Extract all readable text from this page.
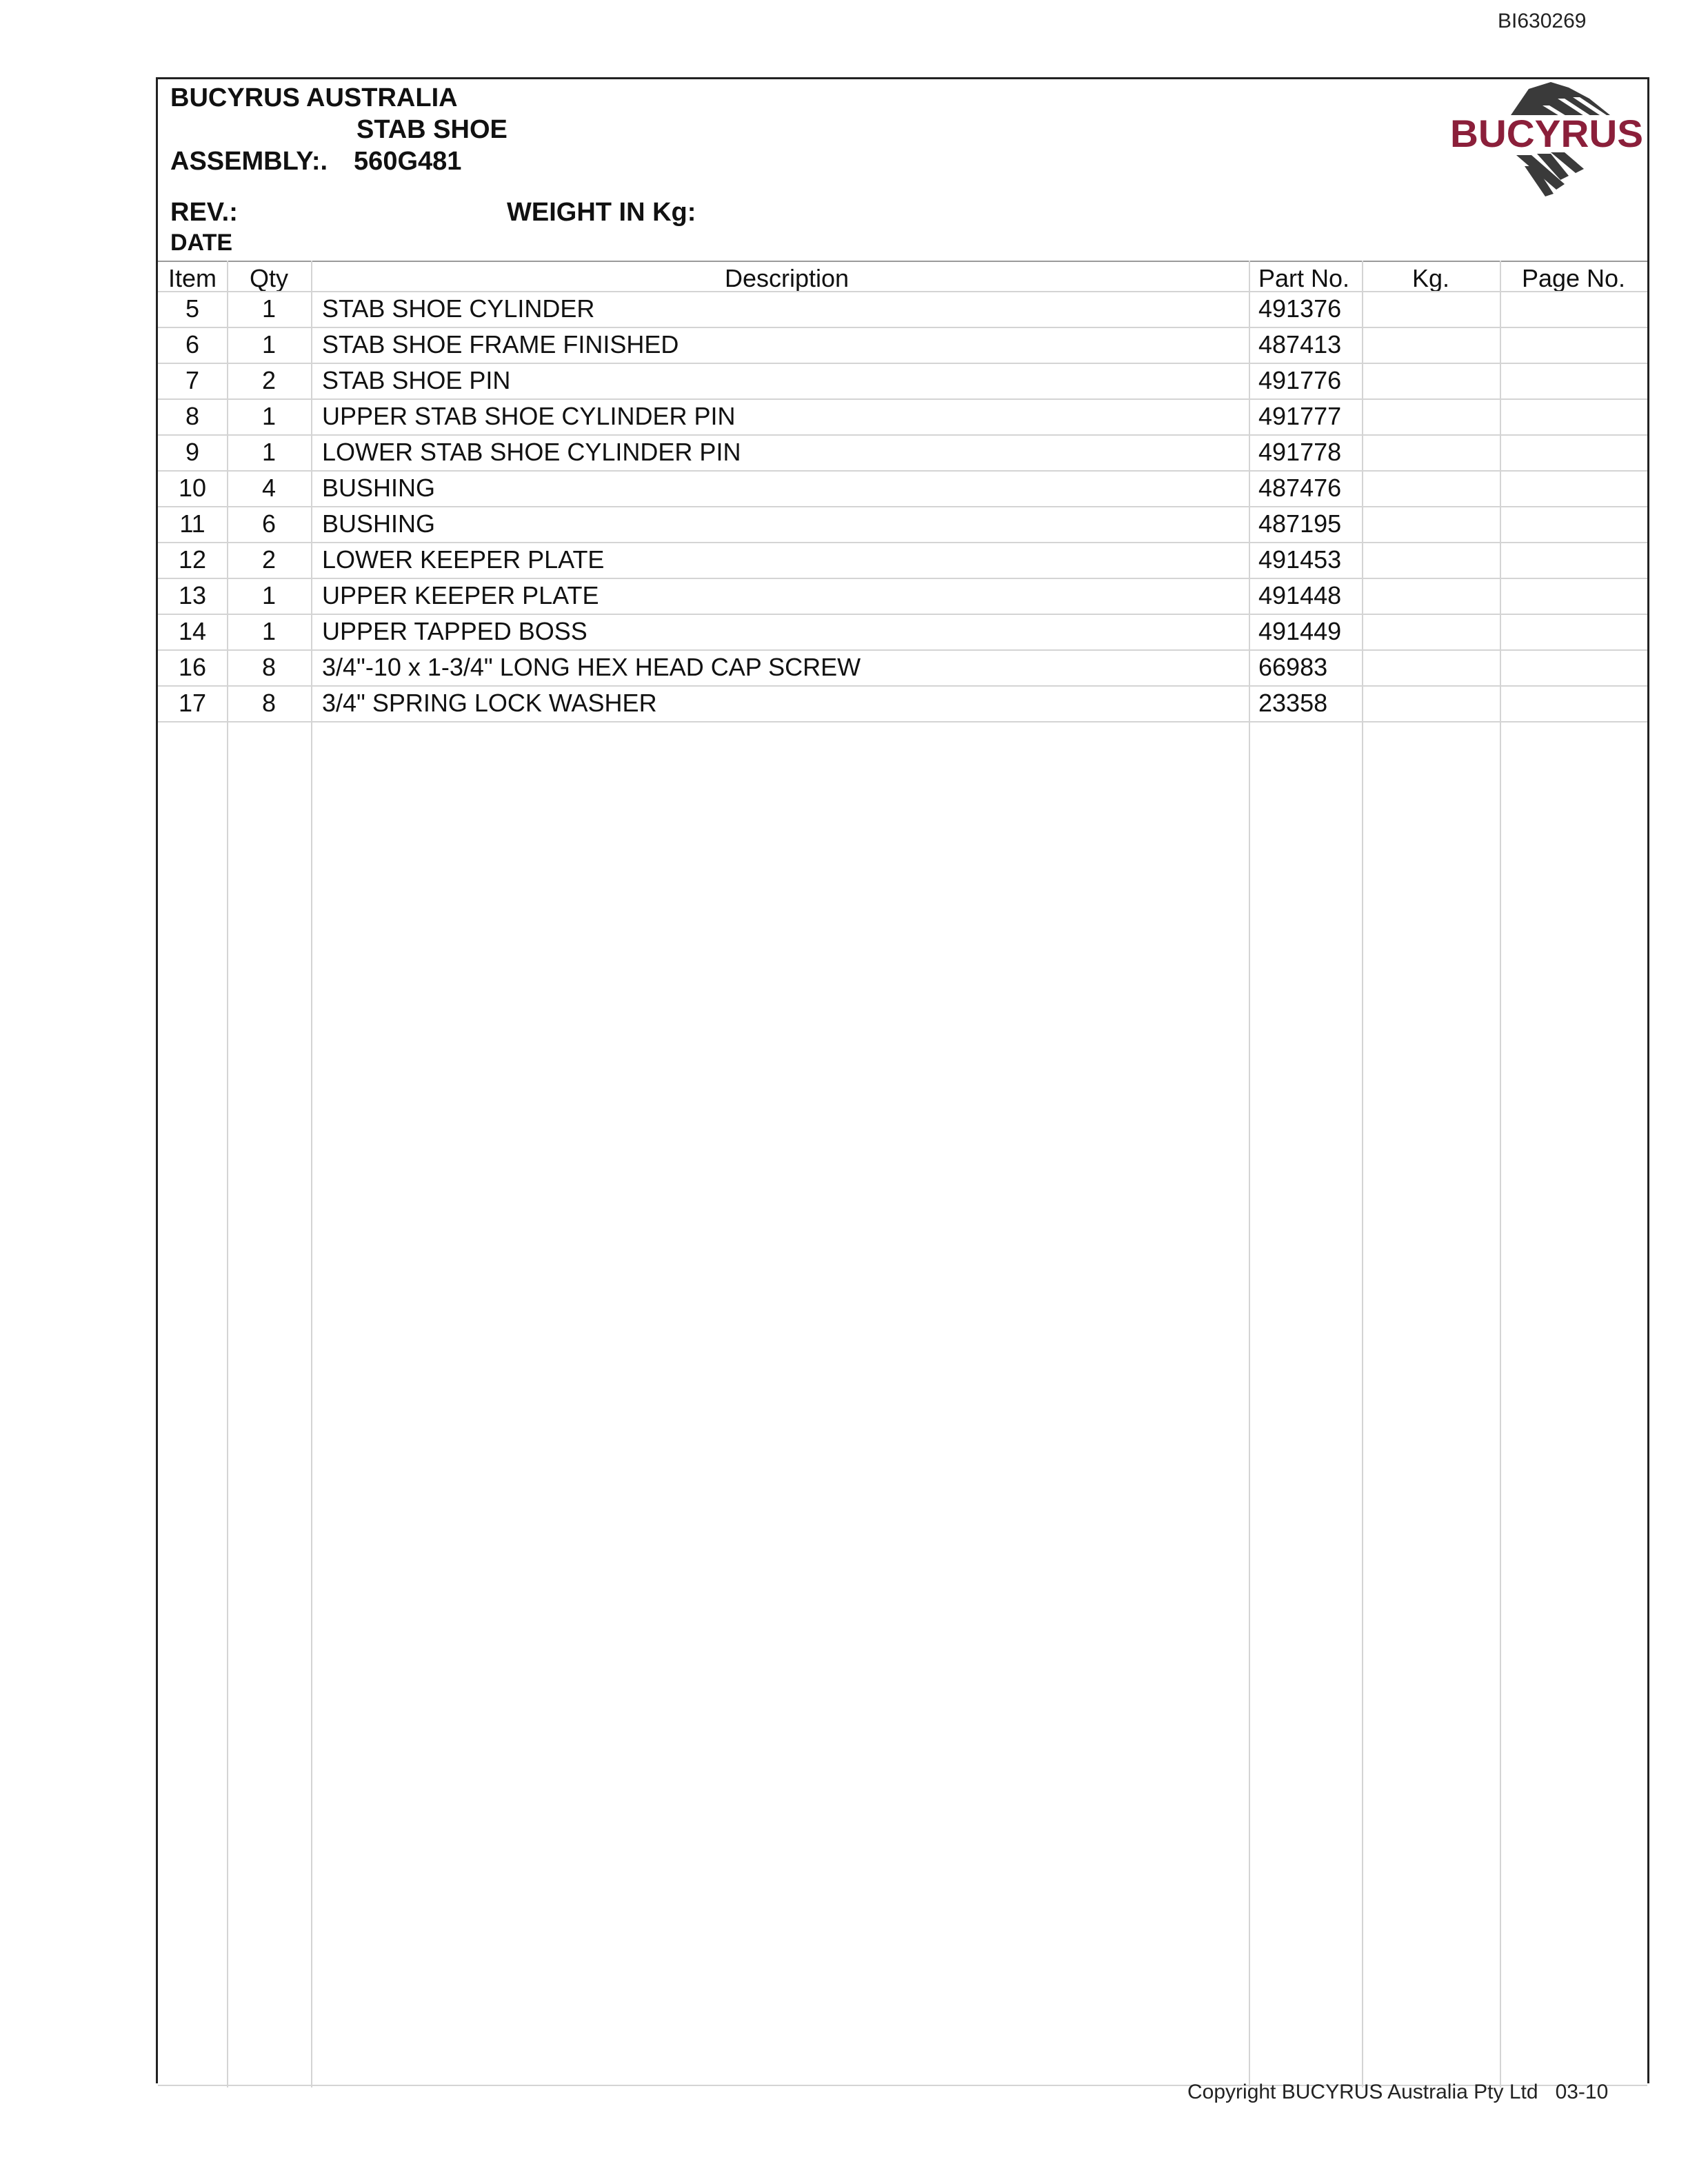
BI630269
BUCYRUS AUSTRALIA
STAB SHOE
ASSEMBLY:. 560G481
REV.:	WEIGHT IN Kg:
DATE
BUCYRUS
Item	Qty	Description	Part No.	Kg.	Page No.
5	1	STAB SHOE CYLINDER	491376
6	1	STAB SHOE FRAME FINISHED	487413
7	2	STAB SHOE PIN	491776
8	1	UPPER STAB SHOE CYLINDER PIN	491777
9	1	LOWER STAB SHOE CYLINDER PIN	491778
10	4	BUSHING	487476
11	6	BUSHING	487195
12	2	LOWER KEEPER PLATE	491453
13	1	UPPER KEEPER PLATE	491448
14	1	UPPER TAPPED BOSS	491449
16	8	3/4"-10 x 1-3/4" LONG HEX HEAD CAP SCREW	66983
17	8	3/4" SPRING LOCK WASHER	23358
Copyright BUCYRUS Australia Pty Ltd 03-10
